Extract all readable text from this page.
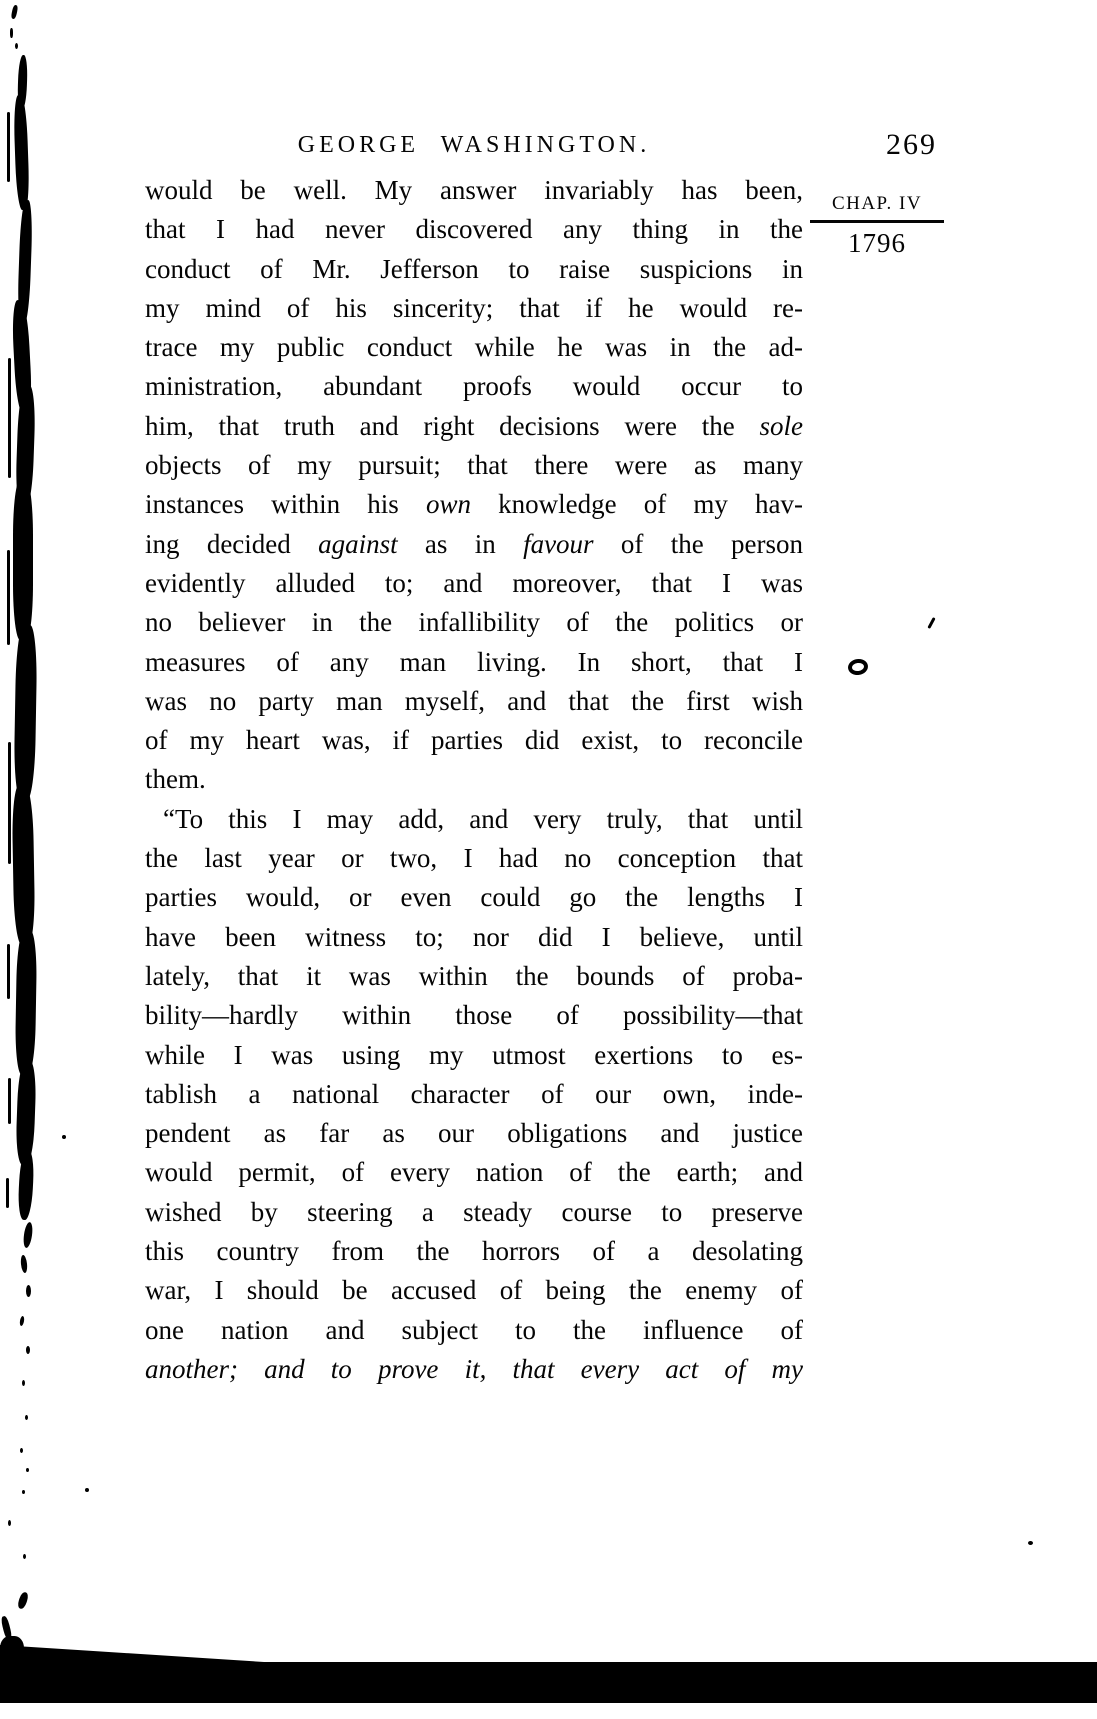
GEORGE WASHINGTON.	269
CHAP. IV
1796
would be well. My answer invariably has been,
that I had never discovered any thing in the
conduct of Mr. Jefferson to raise suspicions in
my mind of his sincerity; that if he would re-
trace my public conduct while he was in the ad-
ministration, abundant proofs would occur to
him, that truth and right decisions were the sole
objects of my pursuit; that there were as many
instances within his own knowledge of my hav-
ing decided against as in favour of the person
evidently alluded to; and moreover, that I was
no believer in the infallibility of the politics or
measures of any man living. In short, that I
was no party man myself, and that the first wish
of my heart was, if parties did exist, to reconcile
them.
“To this I may add, and very truly, that until
the last year or two, I had no conception that
parties would, or even could go the lengths I
have been witness to; nor did I believe, until
lately, that it was within the bounds of proba-
bility—hardly within those of possibility—that
while I was using my utmost exertions to es-
tablish a national character of our own, inde-
pendent as far as our obligations and justice
would permit, of every nation of the earth; and
wished by steering a steady course to preserve
this country from the horrors of a desolating
war, I should be accused of being the enemy of
one nation and subject to the influence of
another; and to prove it, that every act of my
